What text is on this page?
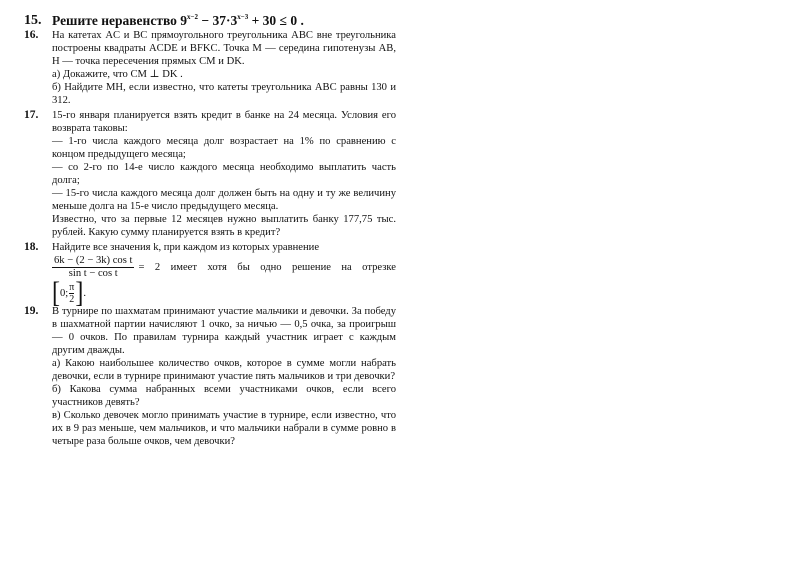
15. Решите неравенство $9^{x-2} - 37\cdot 3^{x-3} + 30 \le 0$ .

16.	На катетах AC и BC прямоугольного треугольника ABC вне треугольника построены квадраты ACDE и BFKC. Точка M — середина гипотенузы AB, H — точка пересечения прямых CM и DK.

а) Докажите, что CM ⊥ DK .

б) Найдите MH, если известно, что катеты треугольника ABC равны 130 и 312.

17.	15-го января планируется взять кредит в банке на 24 месяца. Условия его возврата таковы:

— 1-го числа каждого месяца долг возрастает на 1% по сравнению с концом предыдущего месяца;

— со 2-го по 14-е число каждого месяца необходимо выплатить часть долга;

— 15-го числа каждого месяца долг должен быть на одну и ту же величину меньше долга на 15-е число предыдущего месяца.

Известно, что за первые 12 месяцев нужно выплатить банку 177,75 тыс. рублей. Какую сумму планируется взять в кредит?

18.	Найдите все значения k, при каждом из которых уравнение

$\frac{\text{6k − (2 − 3k) cos t}}{\text{sin t − cos t}} = 2$ имеет хотя бы одно решение на отрезке
[ 0; $\frac{\pi}{2}$ ] .
19.	В турнире по шахматам принимают участие мальчики и девочки. За победу в шахматной партии начисляют 1 очко, за ничью — 0,5 очка, за проигрыш — 0 очков. По правилам турнира каждый участник играет с каждым другим дважды.

а) Какою наибольшее количество очков, которое в сумме могли набрать девочки, если в турнире принимают участие пять мальчиков и три девочки?

б) Какова сумма набранных всеми участниками очков, если всего участников девять?

в) Сколько девочек могло принимать участие в турнире, если известно, что их в 9 раз меньше, чем мальчиков, и что мальчики набрали в сумме ровно в четыре раза больше очков, чем девочки?
